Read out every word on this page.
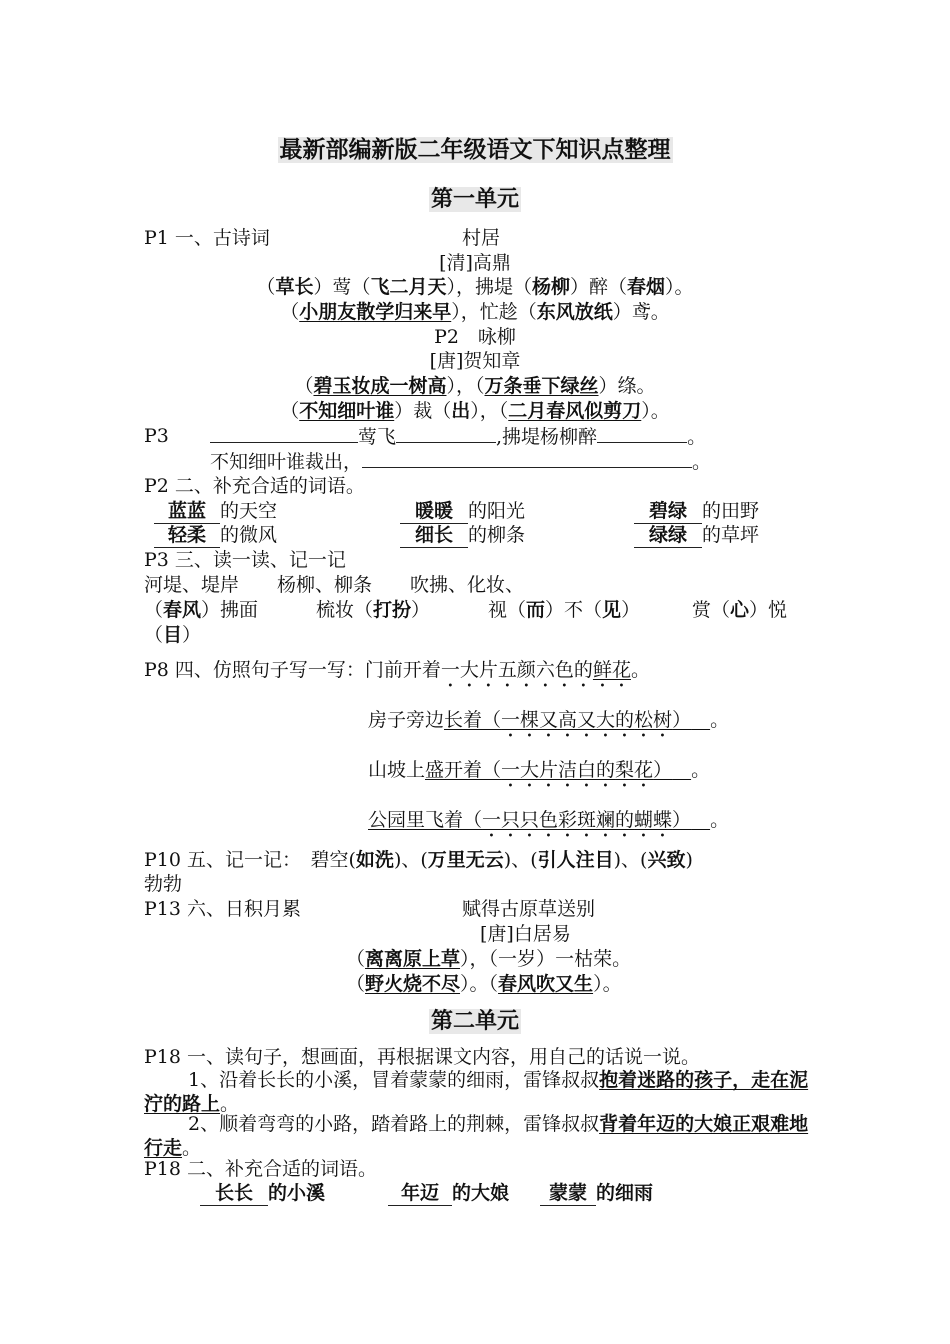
最新部编新版二年级语文下知识点整理
第一单元
P1 一、古诗词	村居
[清]高鼎
（草长）莺（飞二月天），拂堤（杨柳）醉（春烟）。
（小朋友散学归来早），忙趁（东风放纸）鸢。
P2　咏柳
[唐]贺知章
（碧玉妆成一树高），（万条垂下绿丝）绦。
（不知细叶谁）裁（出），（二月春风似剪刀）。
P3	莺飞	,拂堤杨柳醉	。
不知细叶谁裁出，	。
P2 二、补充合适的词语。
蓝蓝 的天空	暖暖 的阳光	碧绿 的田野
轻柔 的微风	细长 的柳条	绿绿 的草坪
P3 三、读一读、记一记
河堤、堤岸　　杨柳、柳条　　吹拂、化妆、
（春风）拂面	梳妆（打扮）	视（而）不（见）	赏（心）悦
（目）
P8 四、仿照句子写一写：门前开着一大片五颜六色的鲜花。
房子旁边长着（一棵又高又大的松树）  。
山坡上盛开着（一大片洁白的梨花）  。
公园里飞着（一只只色彩斑斓的蝴蝶）  。
P10 五、记一记：　碧空(如洗)、(万里无云)、(引人注目)、(兴致)
勃勃
P13 六、日积月累	赋得古原草送别
[唐]白居易
（离离原上草），（一岁）一枯荣。
（野火烧不尽）。（春风吹又生）。
第二单元
P18 一、读句子，想画面，再根据课文内容，用自己的话说一说。
1、沿着长长的小溪，冒着蒙蒙的细雨，雷锋叔叔抱着迷路的孩子，走在泥泞的路上。
2、顺着弯弯的小路，踏着路上的荆棘，雷锋叔叔背着年迈的大娘正艰难地行走。
P18 二、补充合适的词语。
长长 的小溪	年迈 的大娘	蒙蒙 的细雨
